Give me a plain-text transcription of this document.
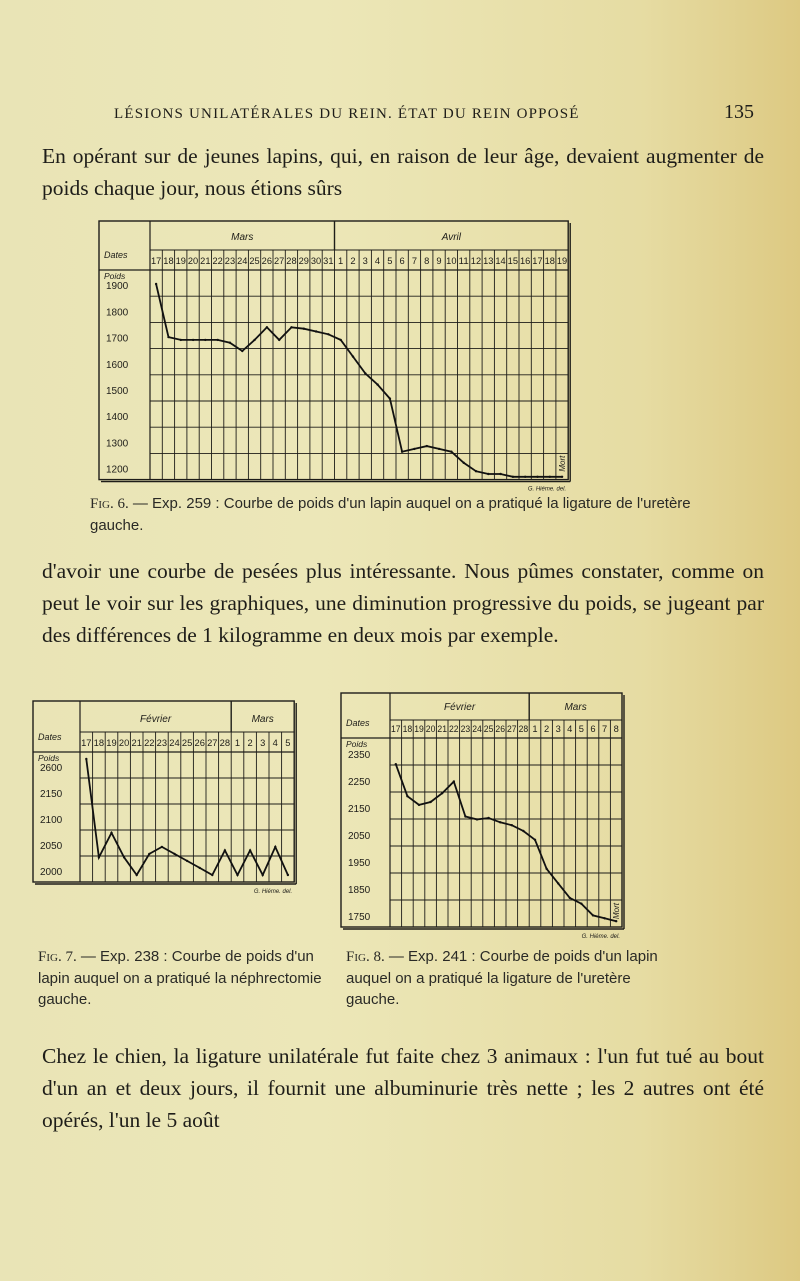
LÉSIONS UNILATÉRALES DU REIN. ÉTAT DU REIN OPPOSÉ	135

En opérant sur de jeunes lapins, qui, en raison de leur âge, devaient augmenter de poids chaque jour, nous étions sûrs

Dates
Poids
Mars	Avril
17 18 19 20 21 22 23 24 25 26 27 28 29 30 31 1 2 3 4 5 6 7 8 9 10 11 12 13 14 15 16 17 18 19
1900
1800
1700
1600
1500
1400
1300
1200	Mort
G. Hiéme. del.
Fig. 6. — Exp. 259 : Courbe de poids d'un lapin auquel on a pratiqué la ligature de l'uretère gauche.

d'avoir une courbe de pesées plus intéressante. Nous pûmes constater, comme on peut le voir sur les graphiques, une diminution progressive du poids, se jugeant par des différences de 1 kilogramme en deux mois par exemple.

Dates
Poids
Février	Mars
17 18 19 20 21 22 23 24 25 26 27 28 1 2 3 4 5
2600
2150
2100
2050
2000
G. Hiéme. del.
Dates
Poids
Février	Mars
17 18 19 20 21 22 23 24 25 26 27 28 1 2 3 4 5 6 7 8
2350
2250
2150
2050
1950
1850
1750	Mort
G. Hiéme. del.
Fig. 7. — Exp. 238 : Courbe de poids d'un lapin auquel on a pratiqué la néphrectomie gauche.
Fig. 8. — Exp. 241 : Courbe de poids d'un lapin auquel on a pratiqué la ligature de l'uretère gauche.

Chez le chien, la ligature unilatérale fut faite chez 3 animaux : l'un fut tué au bout d'un an et deux jours, il fournit une albuminurie très nette ; les 2 autres ont été opérés, l'un le 5 août
